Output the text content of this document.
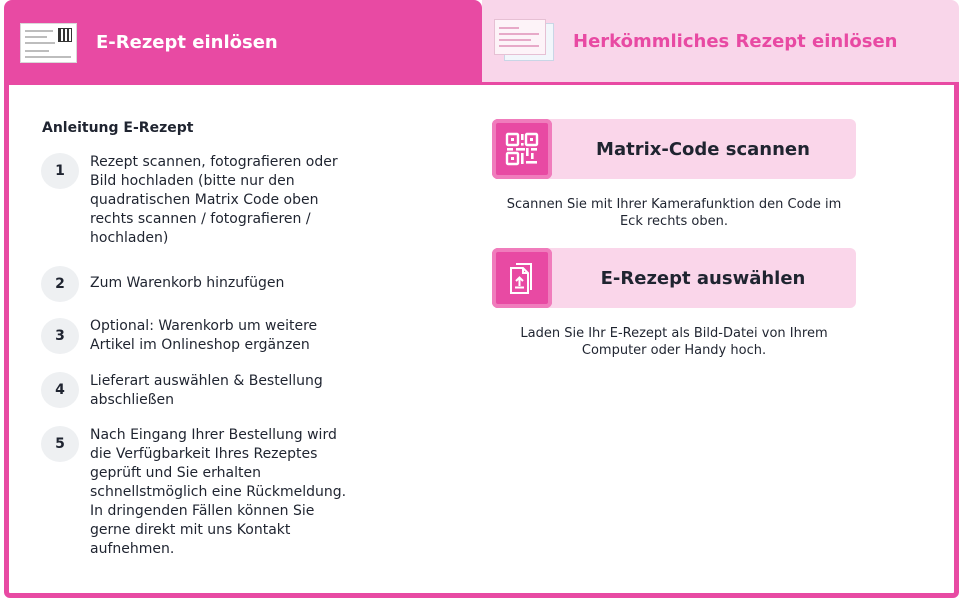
E-Rezept einlösen	Herkömmliches Rezept einlösen
Anleitung E-Rezept
1
Rezept scannen, fotografieren oder Bild hochladen (bitte nur den quadratischen Matrix Code oben rechts scannen / fotografieren / hochladen)
2	Zum Warenkorb hinzufügen
3
Optional: Warenkorb um weitere Artikel im Onlineshop ergänzen
4
Lieferart auswählen & Bestellung abschließen
5
Nach Eingang Ihrer Bestellung wird die Verfügbarkeit Ihres Rezeptes geprüft und Sie erhalten schnellstmöglich eine Rückmeldung. In dringenden Fällen können Sie gerne direkt mit uns Kontakt aufnehmen.
Matrix-Code scannen
Scannen Sie mit Ihrer Kamerafunktion den Code im Eck rechts oben.
E-Rezept auswählen
Laden Sie Ihr E-Rezept als Bild-Datei von Ihrem Computer oder Handy hoch.
